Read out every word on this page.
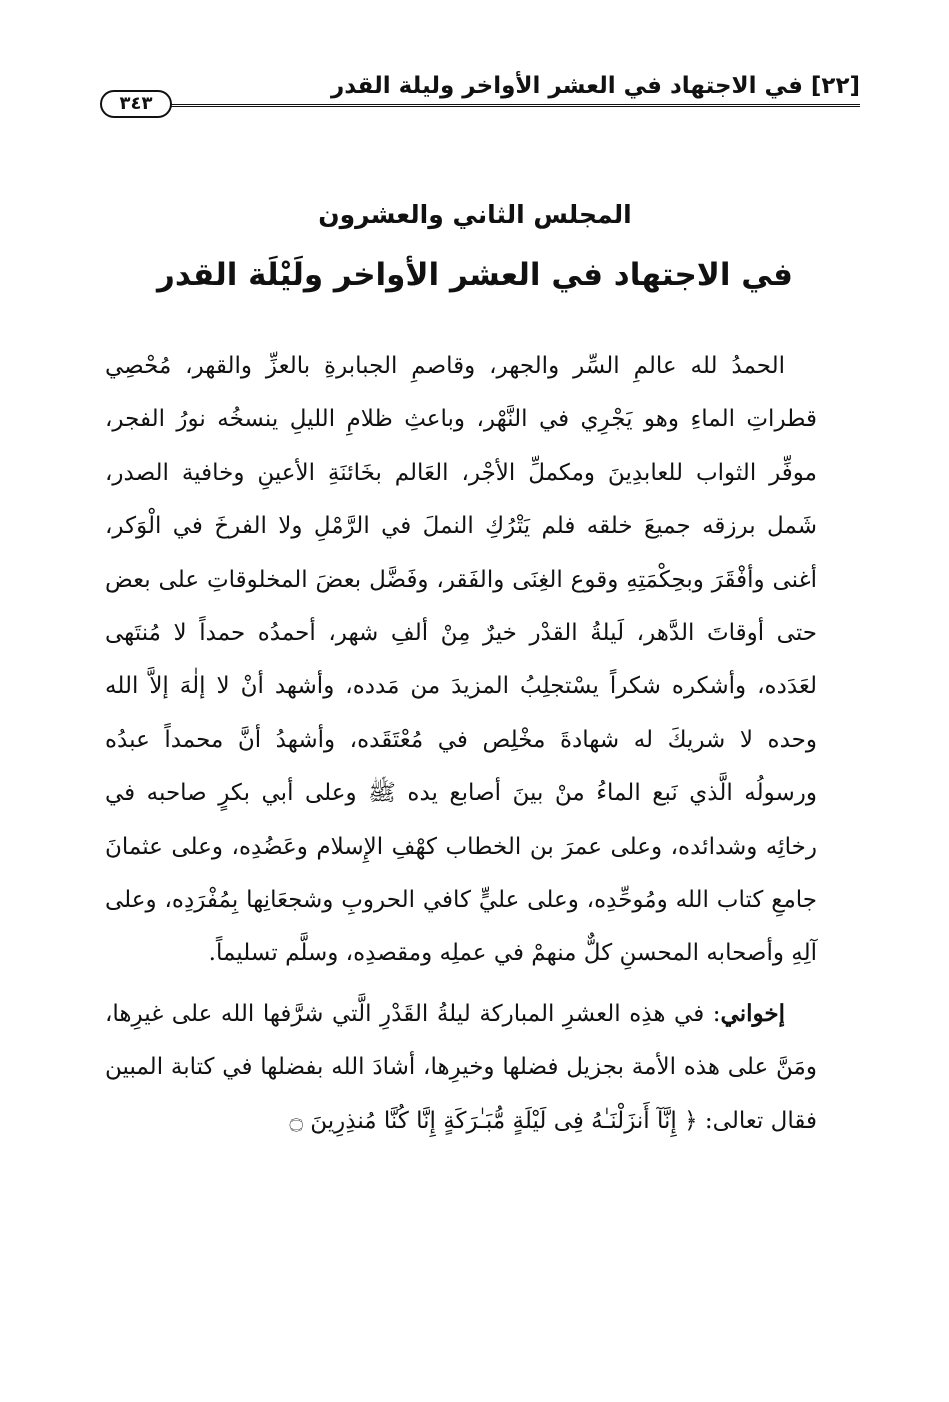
[٢٢] في الاجتهاد في العشر الأواخر وليلة القدر
٣٤٣
المجلس الثاني والعشرون
في الاجتهاد في العشر الأواخر ولَيْلَة القدر

الحمدُ لله عالمِ السِّر والجهر، وقاصمِ الجبابرةِ بالعزِّ والقهر، مُحْصِي قطراتِ الماءِ وهو يَجْرِي في النَّهْر، وباعثِ ظلامِ الليلِ ينسخُه نورُ الفجر، موفِّر الثواب للعابدِينَ ومكملِّ الأجْر، العَالم بخَائنَةِ الأعينِ وخافية الصدر، شَمل برزقه جميعَ خلقه فلم يَتْرُكِ النملَ في الرَّمْلِ ولا الفرخَ في الْوَكر، أغنى وأفْقَرَ وبحِكْمَتِهِ وقوع الغِنَى والفَقر، وفَضَّل بعضَ المخلوقاتِ على بعض حتى أوقاتَ الدَّهر، لَيلةُ القدْر خيرٌ مِنْ ألفِ شهر، أحمدُه حمداً لا مُنتَهى لعَدَده، وأشكره شكراً يسْتجلِبُ المزيدَ من مَدده، وأشهد أنْ لا إلٰهَ إلاَّ الله وحده لا شريكَ له شهادةَ مخْلِص في مُعْتَقَده، وأشهدُ أنَّ محمداً عبدُه ورسولُه الَّذي نَبع الماءُ منْ بينَ أصابع يده ﷺ وعلى أبي بكرٍ صاحبه في رخائِه وشدائده، وعلى عمرَ بن الخطاب كهْفِ الإِسلام وعَضُدِه، وعلى عثمانَ جامعِ كتاب الله ومُوحِّدِه، وعلى عليٍّ كافي الحروبِ وشجعَانِها بِمُفْرَدِه، وعلى آلِهِ وأصحابه المحسنِ كلٌّ منهمْ في عملِه ومقصدِه، وسلَّم تسليماً.

إخواني: في هذِه العشرِ المباركة ليلةُ القَدْرِ الَّتي شرَّفها الله على غيرِها، ومَنَّ على هذه الأمة بجزيل فضلها وخيرِها، أشادَ الله بفضلها في كتابة المبين فقال تعالى: ﴿ إِنَّآ أَنزَلْنَـٰهُ فِى لَيْلَةٍ مُّبَـٰرَكَةٍ إِنَّا كُنَّا مُنذِرِينَ ۝
